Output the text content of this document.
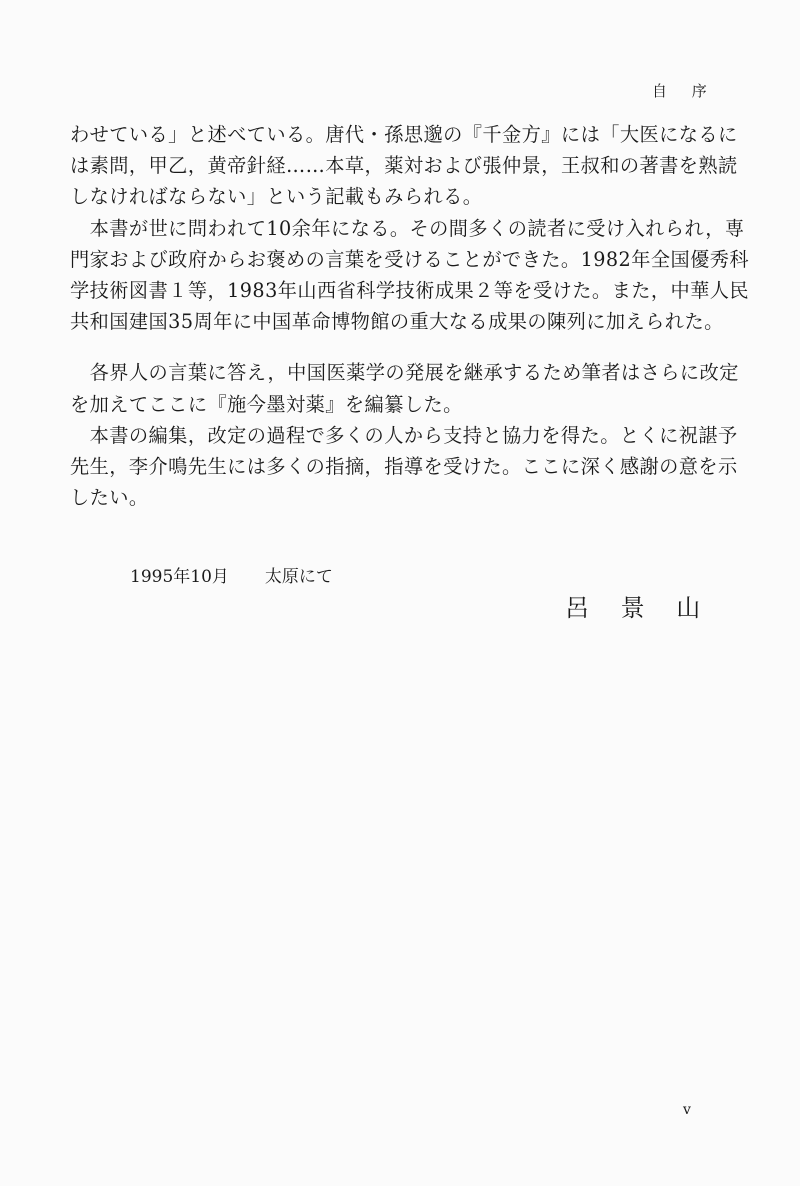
自 序
わせている」と述べている。唐代・孫思邈の『千金方』には「大医になるに
は素問，甲乙，黄帝針経……本草，薬対および張仲景，王叔和の著書を熟読
しなければならない」という記載もみられる。
　本書が世に問われて10余年になる。その間多くの読者に受け入れられ，専
門家および政府からお褒めの言葉を受けることができた。1982年全国優秀科
学技術図書１等，1983年山西省科学技術成果２等を受けた。また，中華人民
共和国建国35周年に中国革命博物館の重大なる成果の陳列に加えられた。
　各界人の言葉に答え，中国医薬学の発展を継承するため筆者はさらに改定
を加えてここに『施今墨対薬』を編纂した。
　本書の編集，改定の過程で多くの人から支持と協力を得た。とくに祝諶予
先生，李介鳴先生には多くの指摘，指導を受けた。ここに深く感謝の意を示
したい。
1995年10月 太原にて
呂 景 山
v
